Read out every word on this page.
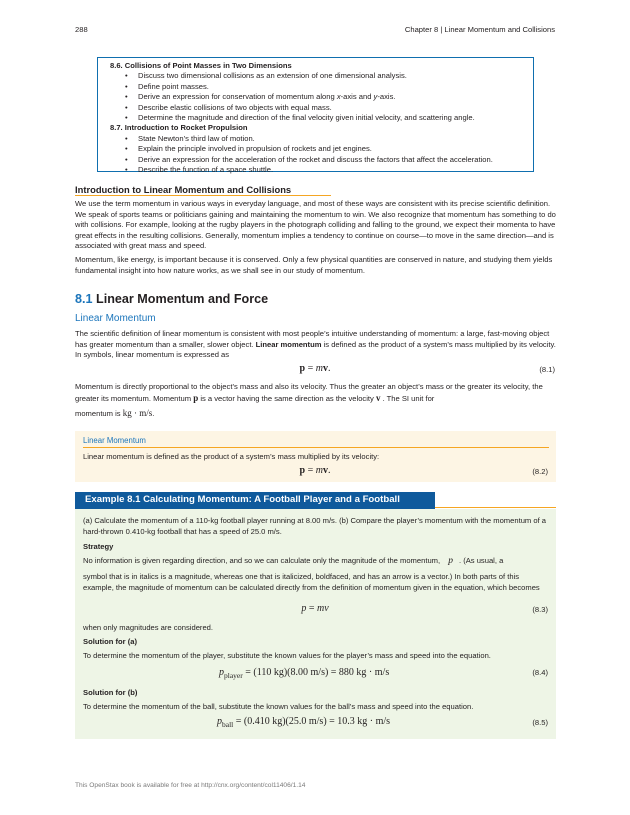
288	Chapter 8 | Linear Momentum and Collisions
8.6. Collisions of Point Masses in Two Dimensions
• Discuss two dimensional collisions as an extension of one dimensional analysis.
• Define point masses.
• Derive an expression for conservation of momentum along x-axis and y-axis.
• Describe elastic collisions of two objects with equal mass.
• Determine the magnitude and direction of the final velocity given initial velocity, and scattering angle.
8.7. Introduction to Rocket Propulsion
• State Newton’s third law of motion.
• Explain the principle involved in propulsion of rockets and jet engines.
• Derive an expression for the acceleration of the rocket and discuss the factors that affect the acceleration.
• Describe the function of a space shuttle.
Introduction to Linear Momentum and Collisions
We use the term momentum in various ways in everyday language, and most of these ways are consistent with its precise scientific definition. We speak of sports teams or politicians gaining and maintaining the momentum to win. We also recognize that momentum has something to do with collisions. For example, looking at the rugby players in the photograph colliding and falling to the ground, we expect their momenta to have great effects in the resulting collisions. Generally, momentum implies a tendency to continue on course—to move in the same direction—and is associated with great mass and speed.
Momentum, like energy, is important because it is conserved. Only a few physical quantities are conserved in nature, and studying them yields fundamental insight into how nature works, as we shall see in our study of momentum.
8.1 Linear Momentum and Force
Linear Momentum
The scientific definition of linear momentum is consistent with most people’s intuitive understanding of momentum: a large, fast-moving object has greater momentum than a smaller, slower object. Linear momentum is defined as the product of a system’s mass multiplied by its velocity. In symbols, linear momentum is expressed as
p = mv.	(8.1)
Momentum is directly proportional to the object’s mass and also its velocity. Thus the greater an object’s mass or the greater its velocity, the greater its momentum. Momentum p is a vector having the same direction as the velocity v . The SI unit for
momentum is kg · m/s.
Linear Momentum
Linear momentum is defined as the product of a system’s mass multiplied by its velocity:
p = mv.	(8.2)
Example 8.1 Calculating Momentum: A Football Player and a Football
(a) Calculate the momentum of a 110-kg football player running at 8.00 m/s. (b) Compare the player’s momentum with the momentum of a hard-thrown 0.410-kg football that has a speed of 25.0 m/s.
Strategy
No information is given regarding direction, and so we can calculate only the magnitude of the momentum, p . (As usual, a
symbol that is in italics is a magnitude, whereas one that is italicized, boldfaced, and has an arrow is a vector.) In both parts of this example, the magnitude of momentum can be calculated directly from the definition of momentum given in the equation, which becomes
p = mv	(8.3)
when only magnitudes are considered.
Solution for (a)
To determine the momentum of the player, substitute the known values for the player’s mass and speed into the equation.
$p_{player} = (110$ kg)(8.00 m/s) = 880 kg · m/s	(8.4)
Solution for (b)
To determine the momentum of the ball, substitute the known values for the ball’s mass and speed into the equation.
$p_{ball} = (0.410$ kg)(25.0 m/s) = 10.3 kg · m/s	(8.5)
This OpenStax book is available for free at http://cnx.org/content/col11406/1.14
